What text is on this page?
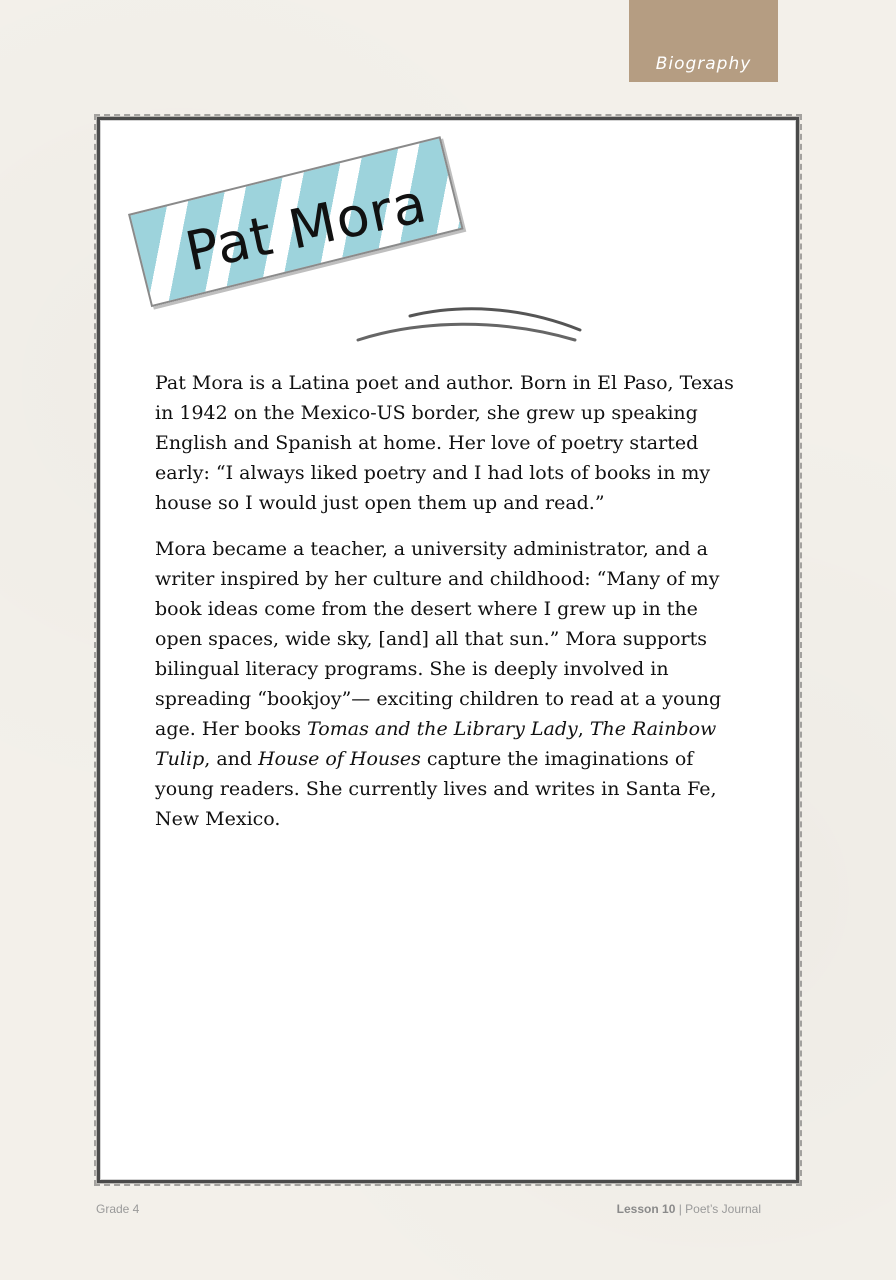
Biography
Pat Mora

Pat Mora is a Latina poet and author. Born in El Paso, Texas in 1942 on the Mexico-US border, she grew up speaking English and Spanish at home. Her love of poetry started early: “I always liked poetry and I had lots of books in my house so I would just open them up and read.”

Mora became a teacher, a university administrator, and a writer inspired by her culture and childhood: “Many of my book ideas come from the desert where I grew up in the open spaces, wide sky, [and] all that sun.” Mora supports bilingual literacy programs. She is deeply involved in spreading “bookjoy”— exciting children to read at a young age. Her books Tomas and the Library Lady, The Rainbow Tulip, and House of Houses capture the imaginations of young readers. She currently lives and writes in Santa Fe, New Mexico.

Grade 4	Lesson 10 | Poet’s Journal
